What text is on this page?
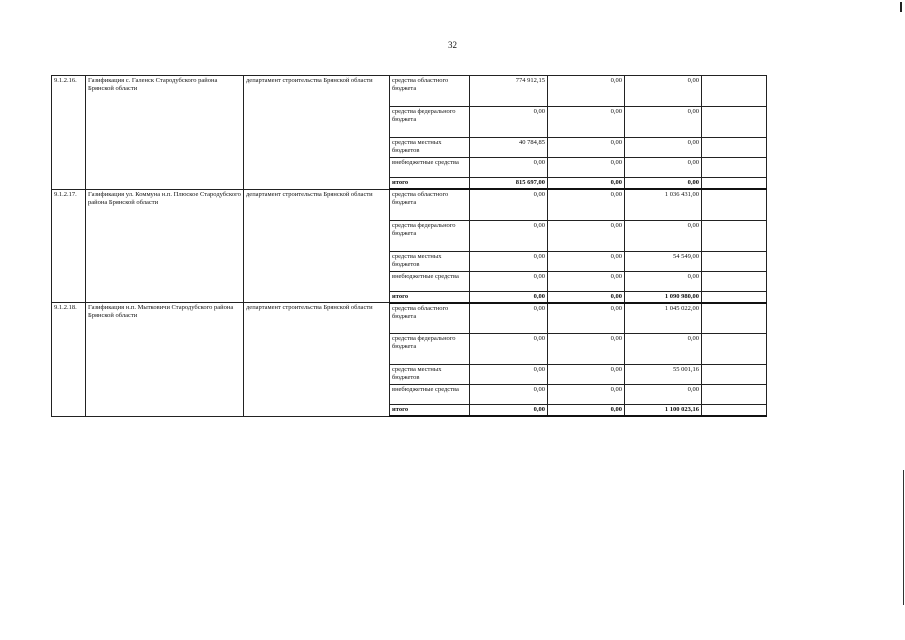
32
9.1.2.16.	Газификация с. Галенск Стародубского района Брянской области	департамент строительства Брянской области	средства областного бюджета	774 912,15	0,00	0,00	
			средства федерального бюджета	0,00	0,00	0,00	
			средства местных бюджетов	40 784,85	0,00	0,00	
			внебюджетные средства	0,00	0,00	0,00	
			итого	815 697,00	0,00	0,00	
9.1.2.17.	Газификация ул. Коммуна н.п. Плюское Стародубского района Брянской области	департамент строительства Брянской области	средства областного бюджета	0,00	0,00	1 036 431,00	
			средства федерального бюджета	0,00	0,00	0,00	
			средства местных бюджетов	0,00	0,00	54 549,00	
			внебюджетные средства	0,00	0,00	0,00	
			итого	0,00	0,00	1 090 980,00	
9.1.2.18.	Газификация н.п. Мытковичи Стародубского района Брянской области	департамент строительства Брянской области	средства областного бюджета	0,00	0,00	1 045 022,00	
			средства федерального бюджета	0,00	0,00	0,00	
			средства местных бюджетов	0,00	0,00	55 001,16	
			внебюджетные средства	0,00	0,00	0,00	
			итого	0,00	0,00	1 100 023,16	
